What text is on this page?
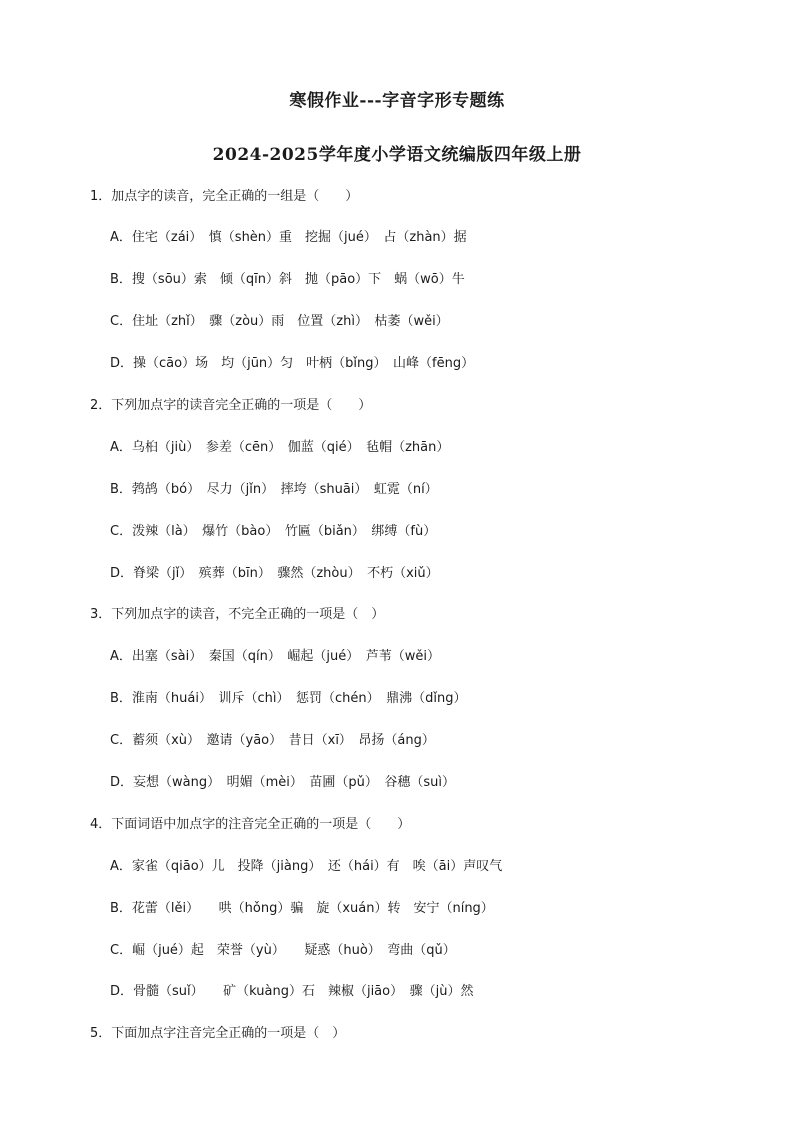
寒假作业---字音字形专题练
2024-2025学年度小学语文统编版四年级上册
1．加点字的读音，完全正确的一组是（　　）
A．住宅（zái）　慎（shèn）重　挖掘（jué）　占（zhàn）据
B．搜（sōu）索　倾（qīn）斜　抛（pāo）下　蜗（wō）牛
C．住址（zhǐ）　骤（zòu）雨　位置（zhì）　枯萎（wěi）
D．操（cāo）场　均（jūn）匀　叶柄（bǐng）　山峰（fēng）
2．下列加点字的读音完全正确的一项是（　　）
A．乌桕（jiù）　参差（cēn）　伽蓝（qié）　毡帽（zhān）
B．鹁鸪（bó）　尽力（jǐn）　摔垮（shuāi）　虹霓（ní）
C．泼辣（là）　爆竹（bào）　竹匾（biǎn）　绑缚（fù）
D．脊梁（jǐ）　殡葬（bīn）　骤然（zhòu）　不朽（xiǔ）
3．下列加点字的读音，不完全正确的一项是（　）
A．出塞（sài）　秦国（qín）　崛起（jué）　芦苇（wěi）
B．淮南（huái）　训斥（chì）　惩罚（chén）　鼎沸（dǐng）
C．蓄须（xù）　邀请（yāo）　昔日（xī）　昂扬（áng）
D．妄想（wàng）　明媚（mèi）　苗圃（pǔ）　谷穗（suì）
4．下面词语中加点字的注音完全正确的一项是（　　）
A．家雀（qiāo）儿　投降（jiàng）　还（hái）有　唉（āi）声叹气
B．花蕾（lěi）　　哄（hǒng）骗　旋（xuán）转　安宁（níng）
C．崛（jué）起　荣誉（yù）　　疑惑（huò）　弯曲（qǔ）
D．骨髓（suǐ）　　矿（kuàng）石　辣椒（jiāo）　骤（jù）然
5．下面加点字注音完全正确的一项是（　）
